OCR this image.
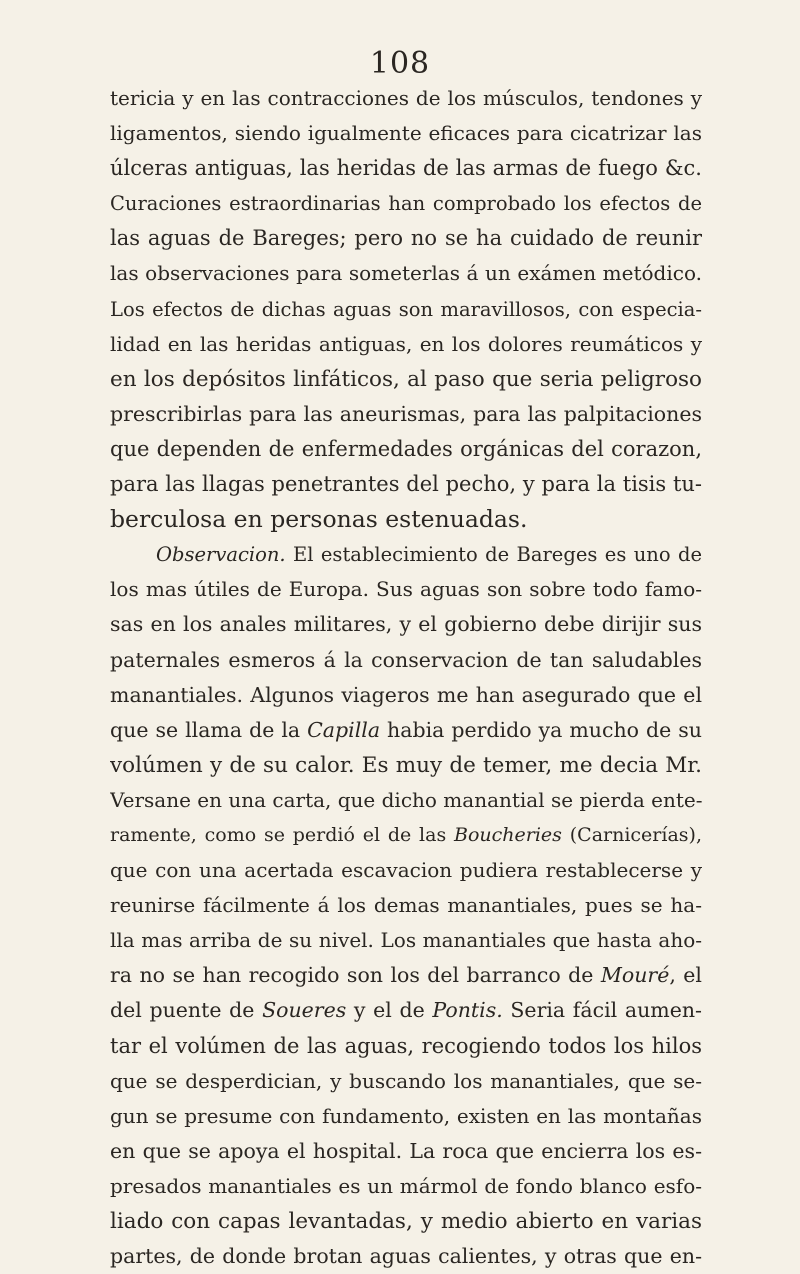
108
tericia y en las contracciones de los músculos, tendones y
ligamentos, siendo igualmente eficaces para cicatrizar las
úlceras antiguas, las heridas de las armas de fuego &c.
Curaciones estraordinarias han comprobado los efectos de
las aguas de Bareges; pero no se ha cuidado de reunir
las observaciones para someterlas á un exámen metódico.
Los efectos de dichas aguas son maravillosos, con especia-
lidad en las heridas antiguas, en los dolores reumáticos y
en los depósitos linfáticos, al paso que seria peligroso
prescribirlas para las aneurismas, para las palpitaciones
que dependen de enfermedades orgánicas del corazon,
para las llagas penetrantes del pecho, y para la tisis tu-
berculosa en personas estenuadas.
Observacion. El establecimiento de Bareges es uno de
los mas útiles de Europa. Sus aguas son sobre todo famo-
sas en los anales militares, y el gobierno debe dirijir sus
paternales esmeros á la conservacion de tan saludables
manantiales. Algunos viageros me han asegurado que el
que se llama de la Capilla habia perdido ya mucho de su
volúmen y de su calor. Es muy de temer, me decia Mr.
Versane en una carta, que dicho manantial se pierda ente-
ramente, como se perdió el de las Boucheries (Carnicerías),
que con una acertada escavacion pudiera restablecerse y
reunirse fácilmente á los demas manantiales, pues se ha-
lla mas arriba de su nivel. Los manantiales que hasta aho-
ra no se han recogido son los del barranco de Mouré, el
del puente de Soueres y el de Pontis. Seria fácil aumen-
tar el volúmen de las aguas, recogiendo todos los hilos
que se desperdician, y buscando los manantiales, que se-
gun se presume con fundamento, existen en las montañas
en que se apoya el hospital. La roca que encierra los es-
presados manantiales es un mármol de fondo blanco esfo-
liado con capas levantadas, y medio abierto en varias
partes, de donde brotan aguas calientes, y otras que en-
